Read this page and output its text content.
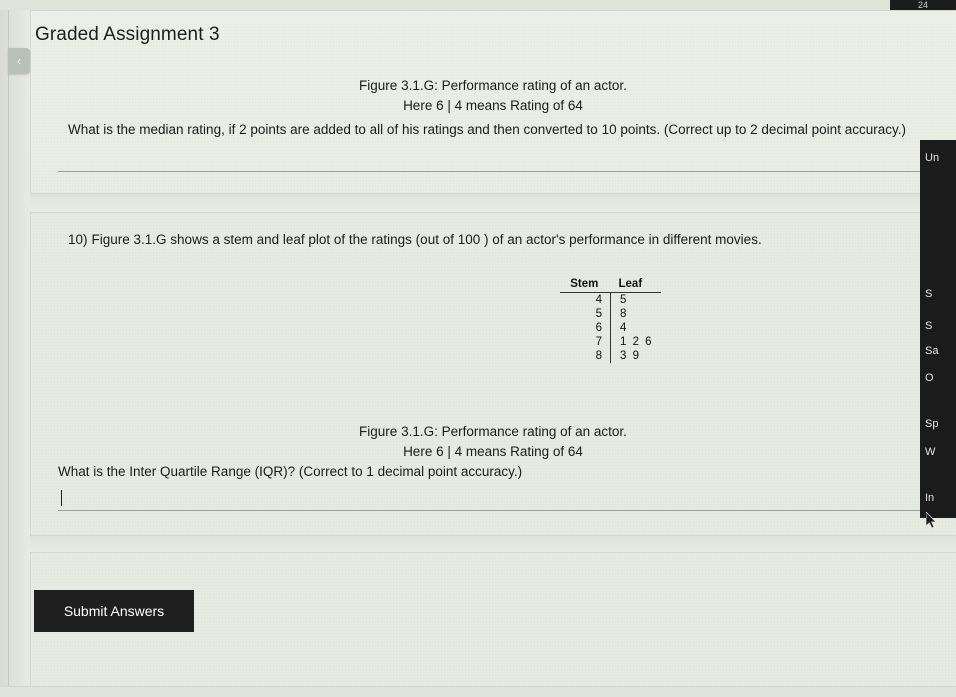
24
‹
Graded Assignment 3
Figure 3.1.G: Performance rating of an actor.
Here 6 | 4 means Rating of 64
What is the median rating, if 2 points are added to all of his ratings and then converted to 10 points. (Correct up to 2 decimal point accuracy.)
10) Figure 3.1.G shows a stem and leaf plot of the ratings (out of 100 ) of an actor's performance in different movies.
Stem	Leaf
4	5
5	8
6	4
7	1 2 6
8	3 9
Figure 3.1.G: Performance rating of an actor.
Here 6 | 4 means Rating of 64
What is the Inter Quartile Range (IQR)? (Correct to 1 decimal point accuracy.)
Submit Answers
Un
S
S
Sa
O
Sp
W
In
